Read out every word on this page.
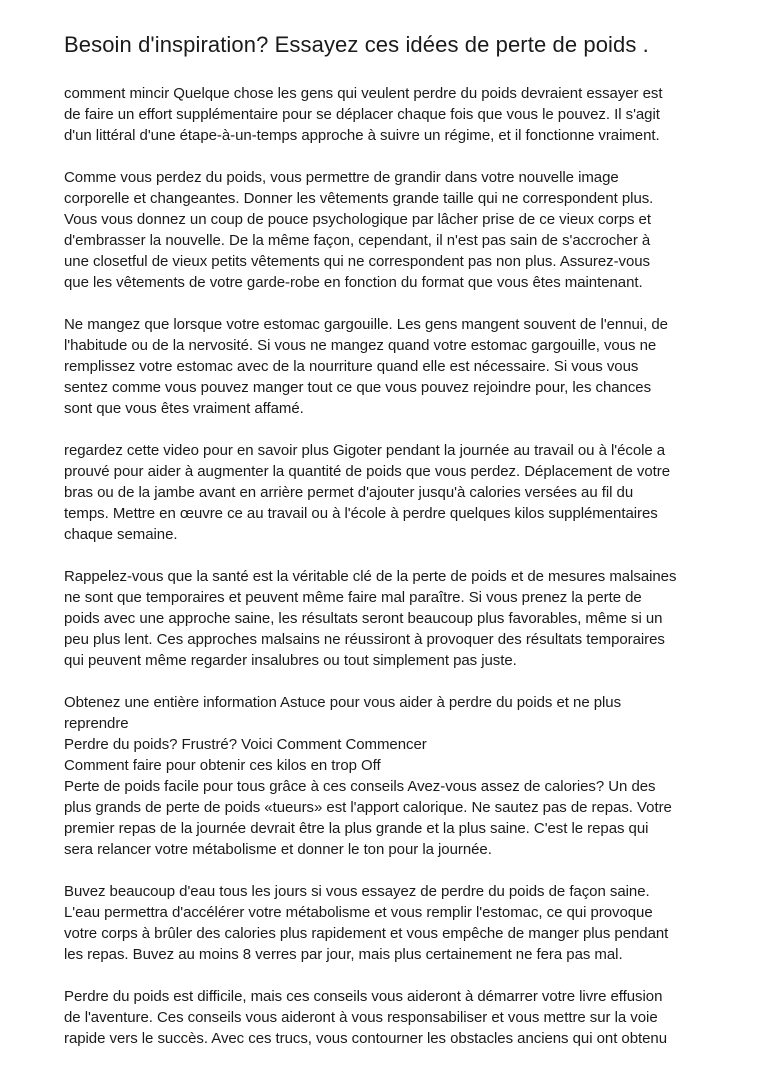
Besoin d'inspiration? Essayez ces idées de perte de poids .

comment mincir Quelque chose les gens qui veulent perdre du poids devraient essayer est
de faire un effort supplémentaire pour se déplacer chaque fois que vous le pouvez. Il s'agit
d'un littéral d'une étape-à-un-temps approche à suivre un régime, et il fonctionne vraiment.

Comme vous perdez du poids, vous permettre de grandir dans votre nouvelle image
corporelle et changeantes. Donner les vêtements grande taille qui ne correspondent plus.
Vous vous donnez un coup de pouce psychologique par lâcher prise de ce vieux corps et
d'embrasser la nouvelle. De la même façon, cependant, il n'est pas sain de s'accrocher à
une closetful de vieux petits vêtements qui ne correspondent pas non plus. Assurez-vous
que les vêtements de votre garde-robe en fonction du format que vous êtes maintenant.

Ne mangez que lorsque votre estomac gargouille. Les gens mangent souvent de l'ennui, de
l'habitude ou de la nervosité. Si vous ne mangez quand votre estomac gargouille, vous ne
remplissez votre estomac avec de la nourriture quand elle est nécessaire. Si vous vous
sentez comme vous pouvez manger tout ce que vous pouvez rejoindre pour, les chances
sont que vous êtes vraiment affamé.

regardez cette video pour en savoir plus Gigoter pendant la journée au travail ou à l'école a
prouvé pour aider à augmenter la quantité de poids que vous perdez. Déplacement de votre
bras ou de la jambe avant en arrière permet d'ajouter jusqu'à calories versées au fil du
temps. Mettre en œuvre ce au travail ou à l'école à perdre quelques kilos supplémentaires
chaque semaine.

Rappelez-vous que la santé est la véritable clé de la perte de poids et de mesures malsaines
ne sont que temporaires et peuvent même faire mal paraître. Si vous prenez la perte de
poids avec une approche saine, les résultats seront beaucoup plus favorables, même si un
peu plus lent. Ces approches malsains ne réussiront à provoquer des résultats temporaires
qui peuvent même regarder insalubres ou tout simplement pas juste.

Obtenez une entière information Astuce pour vous aider à perdre du poids et ne plus
reprendre
Perdre du poids? Frustré? Voici Comment Commencer
Comment faire pour obtenir ces kilos en trop Off
Perte de poids facile pour tous grâce à ces conseils Avez-vous assez de calories? Un des
plus grands de perte de poids «tueurs» est l'apport calorique. Ne sautez pas de repas. Votre
premier repas de la journée devrait être la plus grande et la plus saine. C'est le repas qui
sera relancer votre métabolisme et donner le ton pour la journée.

Buvez beaucoup d'eau tous les jours si vous essayez de perdre du poids de façon saine.
L'eau permettra d'accélérer votre métabolisme et vous remplir l'estomac, ce qui provoque
votre corps à brûler des calories plus rapidement et vous empêche de manger plus pendant
les repas. Buvez au moins 8 verres par jour, mais plus certainement ne fera pas mal.

Perdre du poids est difficile, mais ces conseils vous aideront à démarrer votre livre effusion
de l'aventure. Ces conseils vous aideront à vous responsabiliser et vous mettre sur la voie
rapide vers le succès. Avec ces trucs, vous contourner les obstacles anciens qui ont obtenu
